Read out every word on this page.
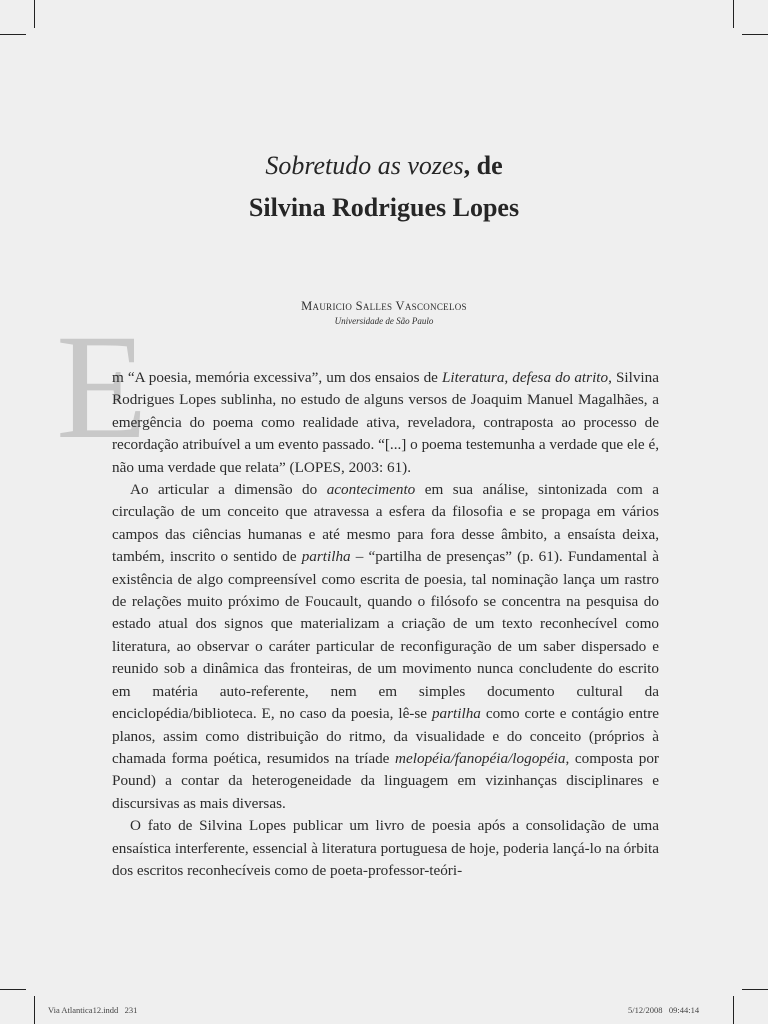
Sobretudo as vozes, de
Silvina Rodrigues Lopes
Mauricio Salles Vasconcelos
Universidade de São Paulo
E

m “A poesia, memória excessiva”, um dos ensaios de Literatura, defesa do atrito, Silvina Rodrigues Lopes sublinha, no estudo de alguns versos de Joaquim Manuel Magalhães, a emergência do poema como realidade ativa, reveladora, contraposta ao processo de recordação atribuível a um evento passado. “[...] o poema testemunha a verdade que ele é, não uma verdade que relata” (LOPES, 2003: 61).

Ao articular a dimensão do acontecimento em sua análise, sintonizada com a circulação de um conceito que atravessa a esfera da filosofia e se propaga em vários campos das ciências humanas e até mesmo para fora desse âmbito, a ensaísta deixa, também, inscrito o sentido de partilha – “partilha de presenças” (p. 61). Fundamental à existência de algo compreensível como escrita de poesia, tal nominação lança um rastro de relações muito próximo de Foucault, quando o filósofo se concentra na pesquisa do estado atual dos signos que materializam a criação de um texto reconhecível como literatura, ao observar o caráter particular de reconfiguração de um saber dispersado e reunido sob a dinâmica das fronteiras, de um movimento nunca concludente do escrito em matéria auto-referente, nem em simples documento cultural da enciclopédia/biblioteca. E, no caso da poesia, lê-se partilha como corte e contágio entre planos, assim como distribuição do ritmo, da visualidade e do conceito (próprios à chamada forma poética, resumidos na tríade melopéia/fanopéia/logopéia, composta por Pound) a contar da heterogeneidade da linguagem em vizinhanças disciplinares e discursivas as mais diversas.

O fato de Silvina Lopes publicar um livro de poesia após a consolidação de uma ensaística interferente, essencial à literatura portuguesa de hoje, poderia lançá-lo na órbita dos escritos reconhecíveis como de poeta-professor-teóri-

Via Atlantica12.indd   231	5/12/2008   09:44:14
